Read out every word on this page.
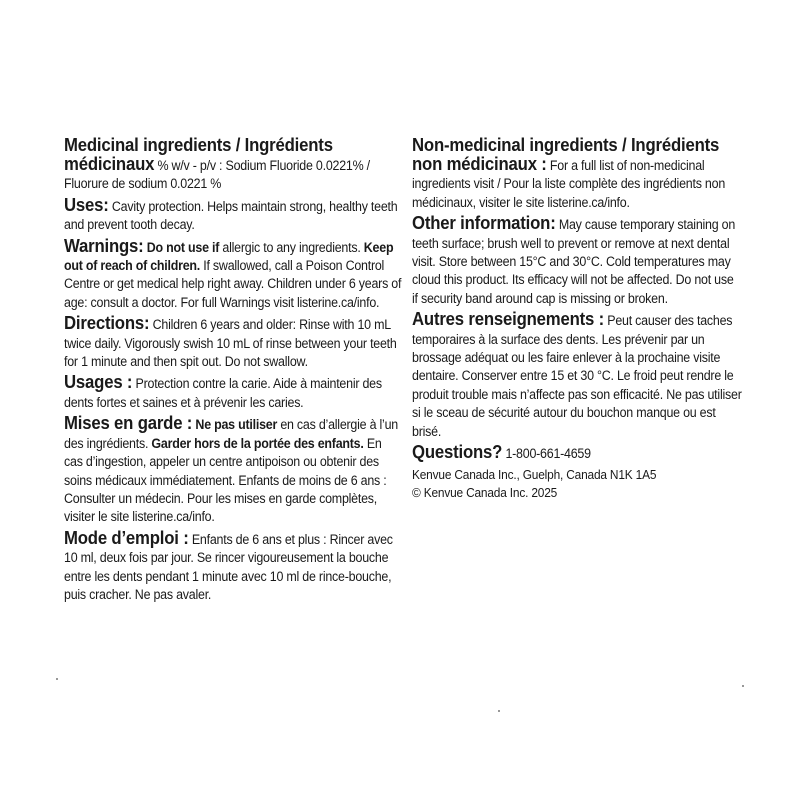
Medicinal ingredients / Ingrédients
médicinaux % w/v - p/v : Sodium Fluoride 0.0221% / Fluorure de sodium 0.0221 %

Uses: Cavity protection. Helps maintain strong, healthy teeth and prevent tooth decay.

Warnings: Do not use if allergic to any ingredients. Keep out of reach of children. If swallowed, call a Poison Control Centre or get medical help right away. Children under 6 years of age: consult a doctor. For full Warnings visit listerine.ca/info.

Directions: Children 6 years and older: Rinse with 10 mL twice daily. Vigorously swish 10 mL of rinse between your teeth for 1 minute and then spit out. Do not swallow.

Usages : Protection contre la carie. Aide à maintenir des dents fortes et saines et à prévenir les caries.

Mises en garde : Ne pas utiliser en cas d’allergie à l’un des ingrédients. Garder hors de la portée des enfants. En cas d’ingestion, appeler un centre antipoison ou obtenir des soins médicaux immédiatement. Enfants de moins de 6 ans : Consulter un médecin. Pour les mises en garde complètes, visiter le site listerine.ca/info.

Mode d’emploi : Enfants de 6 ans et plus : Rincer avec 10 ml, deux fois par jour. Se rincer vigoureusement la bouche entre les dents pendant 1 minute avec 10 ml de rince-bouche, puis cracher. Ne pas avaler.

Non-medicinal ingredients / Ingrédients
non médicinaux : For a full list of non-medicinal ingredients visit / Pour la liste complète des ingrédients non médicinaux, visiter le site listerine.ca/info.

Other information: May cause temporary staining on teeth surface; brush well to prevent or remove at next dental visit. Store between 15°C and 30°C. Cold temperatures may cloud this product. Its efficacy will not be affected. Do not use if security band around cap is missing or broken.

Autres renseignements : Peut causer des taches temporaires à la surface des dents. Les prévenir par un brossage adéquat ou les faire enlever à la prochaine visite dentaire. Conserver entre 15 et 30 °C. Le froid peut rendre le produit trouble mais n’affecte pas son efficacité. Ne pas utiliser si le sceau de sécurité autour du bouchon manque ou est brisé.

Questions? 1-800-661-4659

Kenvue Canada Inc., Guelph, Canada N1K 1A5

© Kenvue Canada Inc. 2025
